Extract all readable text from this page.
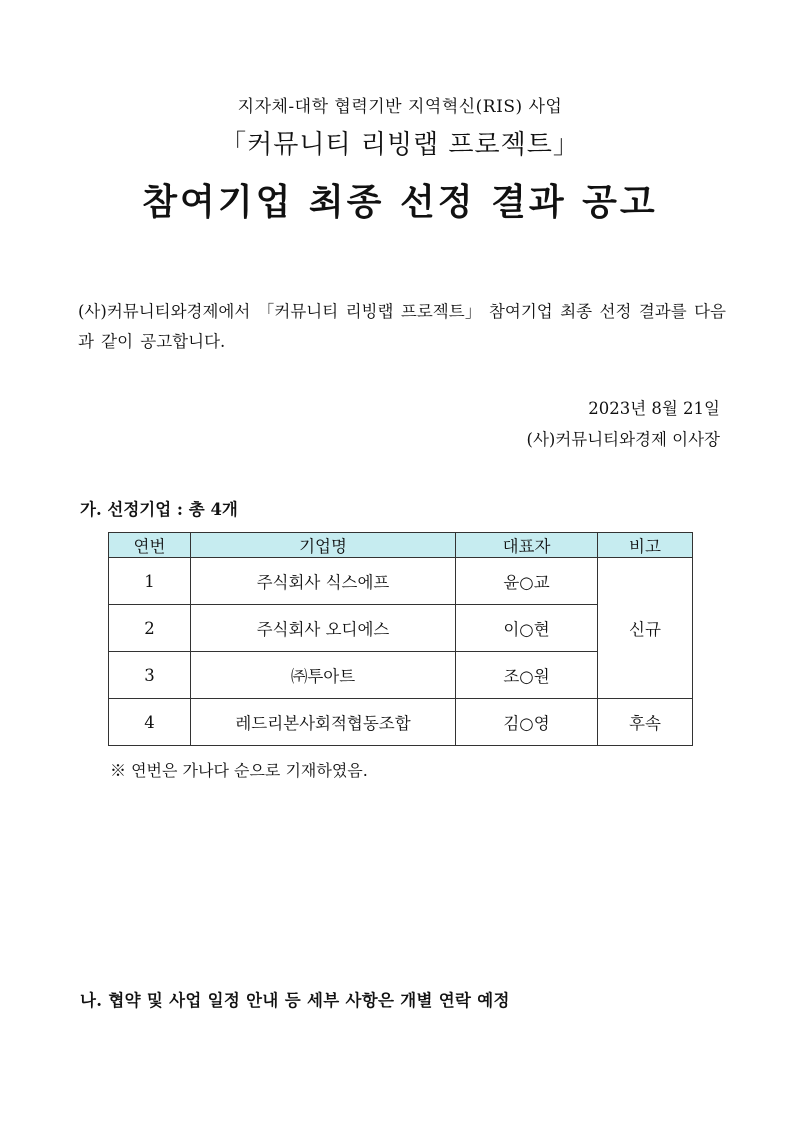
지자체-대학 협력기반 지역혁신(RIS) 사업
「커뮤니티 리빙랩 프로젝트」
참여기업 최종 선정 결과 공고
(사)커뮤니티와경제에서 「커뮤니티 리빙랩 프로젝트」 참여기업 최종 선정 결과를 다음과 같이 공고합니다.
2023년 8월 21일
(사)커뮤니티와경제 이사장
가. 선정기업 : 총 4개
연번	기업명	대표자	비고
1	주식회사 식스에프	윤○교	신규
2	주식회사 오디에스	이○현	
3	㈜투아트	조○원	
4	레드리본사회적협동조합	김○영	후속
※ 연번은 가나다 순으로 기재하였음.
나. 협약 및 사업 일정 안내 등 세부 사항은 개별 연락 예정
